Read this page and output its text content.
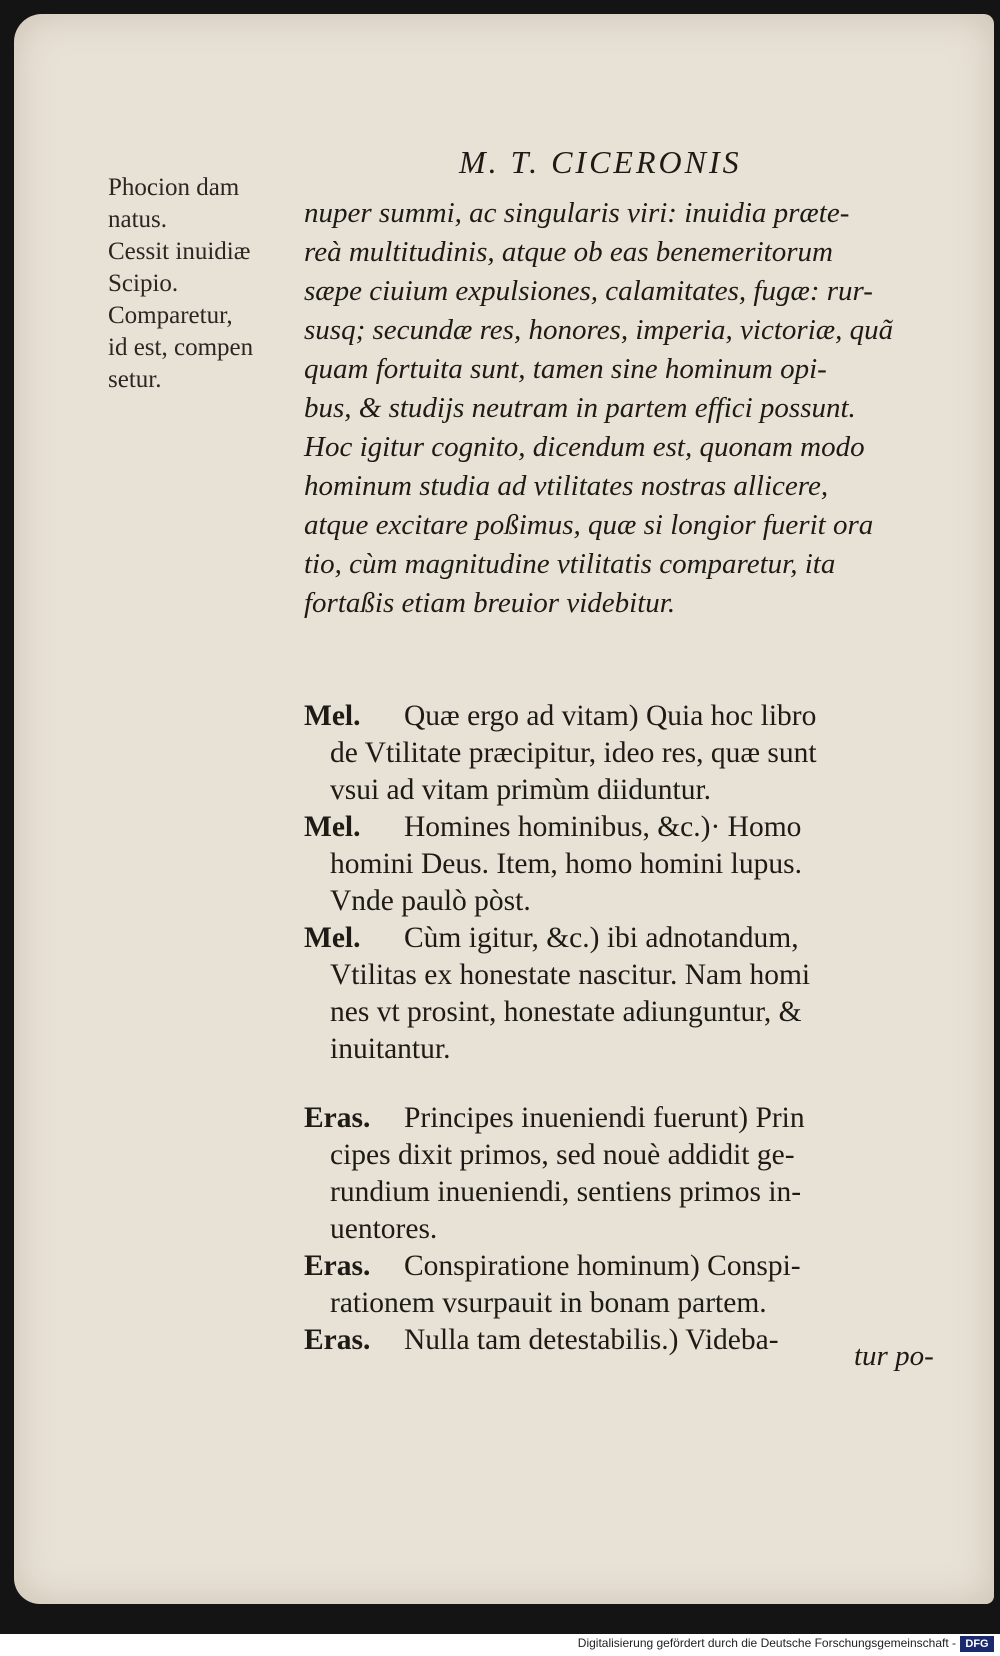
M. T. CICERONIS
Phocion dam
natus.
Cessit inuidiæ
Scipio.
Comparetur,
id est, compen
setur.
nuper summi, ac singularis viri: inuidia præte-
reà multitudinis, atque ob eas benemeritorum
sæpe ciuium expulsiones, calamitates, fugæ: rur-
susq; secundæ res, honores, imperia, victoriæ, quã
quam fortuita sunt, tamen sine hominum opi-
bus, & studijs neutram in partem effici possunt.
Hoc igitur cognito, dicendum est, quonam modo
hominum studia ad vtilitates nostras allicere,
atque excitare poßimus, quæ si longior fuerit ora
tio, cùm magnitudine vtilitatis comparetur, ita
fortaßis etiam breuior videbitur.
Mel. Quæ ergo ad vitam) Quia hoc libro
de Vtilitate præcipitur, ideo res, quæ sunt
vsui ad vitam primùm diiduntur.
Mel. Homines hominibus, &c.)· Homo
homini Deus. Item, homo homini lupus.
Vnde paulò pòst.
Mel. Cùm igitur, &c.) ibi adnotandum,
Vtilitas ex honestate nascitur. Nam homi
nes vt prosint, honestate adiunguntur, &
inuitantur.
Eras. Principes inueniendi fuerunt) Prin
cipes dixit primos, sed nouè addidit ge-
rundium inueniendi, sentiens primos in-
uentores.
Eras. Conspiratione hominum) Conspi-
rationem vsurpauit in bonam partem.
Eras. Nulla tam detestabilis.) Videba-	tur po-
Digitalisierung gefördert durch die Deutsche Forschungsgemeinschaft - DFG
